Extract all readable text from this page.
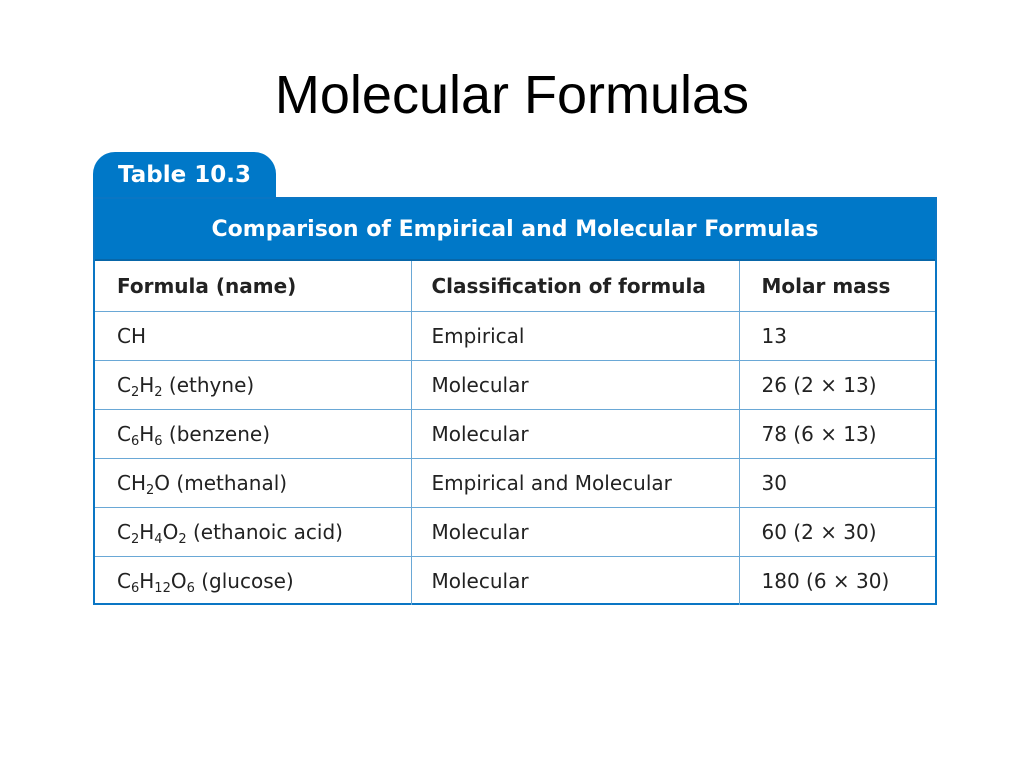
Molecular Formulas
Table 10.3
Comparison of Empirical and Molecular Formulas
Formula (name)	Classification of formula	Molar mass
CH	Empirical	13
$C_2H_2$ (ethyne)	Molecular	26 (2 × 13)
$C_6H_6$ (benzene)	Molecular	78 (6 × 13)
$CH_2O$ (methanal)	Empirical and Molecular	30
$C_2H_4O_2$ (ethanoic acid)	Molecular	60 (2 × 30)
$C_6H_{12}O_6$ (glucose)	Molecular	180 (6 × 30)
